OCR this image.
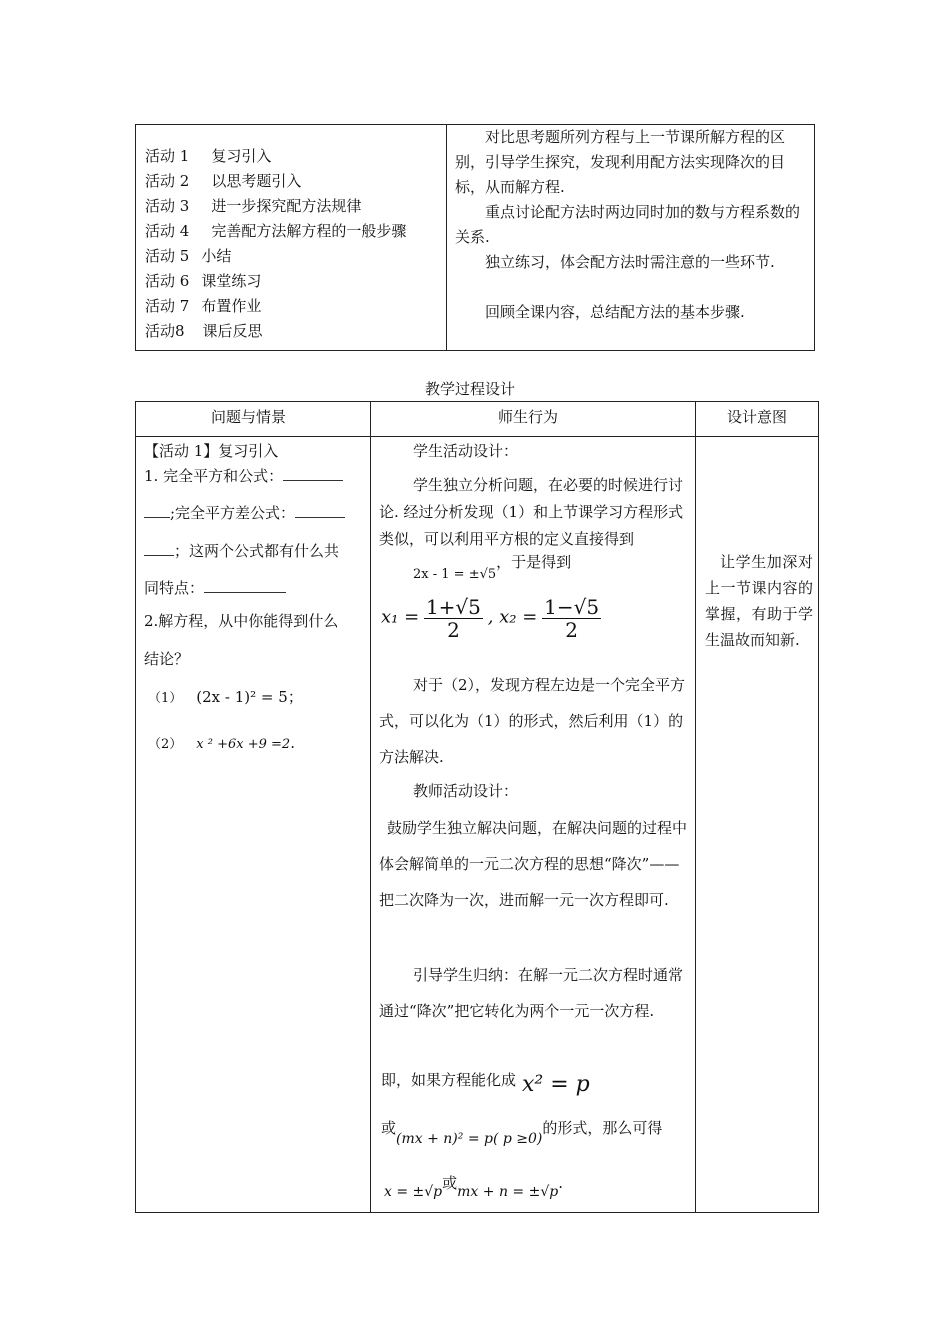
活动 1 复习引入
活动 2 以思考题引入
活动 3 进一步探究配方法规律
活动 4 完善配方法解方程的一般步骤
活动 5 小结
活动 6 课堂练习
活动 7 布置作业
活动8 课后反思
对比思考题所列方程与上一节课所解方程的区别，引导学生探究，发现利用配方法实现降次的目标，从而解方程.
重点讨论配方法时两边同时加的数与方程系数的关系.
独立练习，体会配方法时需注意的一些环节.
回顾全课内容，总结配方法的基本步骤.
教学过程设计
问题与情景	师生行为	设计意图
【活动 1】复习引入
1. 完全平方和公式：
;完全平方差公式：
；这两个公式都有什么共
同特点：
2.解方程，从中你能得到什么
结论？
（1） (2x - 1)² = 5；
（2） x ² +6x +9 =2.
学生活动设计：
学生独立分析问题，在必要的时候进行讨论. 经过分析发现（1）和上节课学习方程形式类似，可以利用平方根的定义直接得到
2x - 1 = ±√5，于是得到
$x_1 = \frac{1+√5}{2}$ , $x_2 = \frac{1-√5}{2}$
对于（2），发现方程左边是一个完全平方式，可以化为（1）的形式，然后利用（1）的方法解决.
教师活动设计：
鼓励学生独立解决问题，在解决问题的过程中体会解简单的一元二次方程的思想“降次”——把二次降为一次，进而解一元一次方程即可.
引导学生归纳：在解一元二次方程时通常通过“降次”把它转化为两个一元一次方程.
即，如果方程能化成 x² = p
或(mx + n)² = p( p ≥0)的形式，那么可得
x = ±√p或mx + n = ±√p.
让学生加深对上一节课内容的掌握，有助于学生温故而知新.
